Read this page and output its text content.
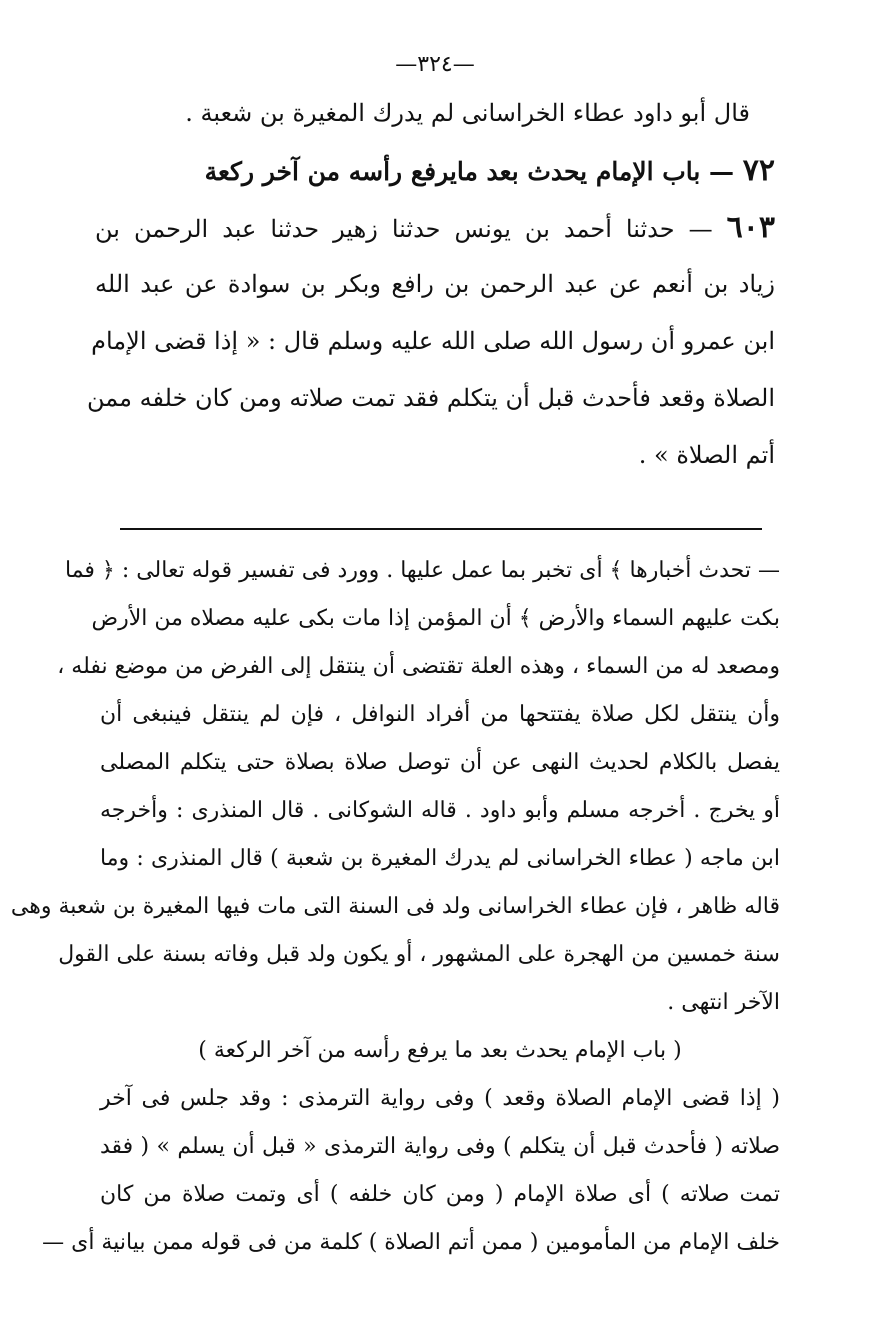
—٣٢٤—
قال أبو داود عطاء الخراسانى لم يدرك المغيرة بن شعبة .
٧٢ — باب الإمام يحدث بعد مايرفع رأسه من آخر ركعة
٦٠٣ — حدثنا أحمد بن يونس حدثنا زهير حدثنا عبد الرحمن بن
زياد بن أنعم عن عبد الرحمن بن رافع وبكر بن سوادة عن عبد الله
ابن عمرو أن رسول الله صلى الله عليه وسلم قال : « إذا قضى الإمام
الصلاة وقعد فأحدث قبل أن يتكلم فقد تمت صلاته ومن كان خلفه ممن
أتم الصلاة » .
— تحدث أخبارها ﴾ أى تخبر بما عمل عليها . وورد فى تفسير قوله تعالى : ﴿ فما
بكت عليهم السماء والأرض ﴾ أن المؤمن إذا مات بكى عليه مصلاه من الأرض
ومصعد له من السماء ، وهذه العلة تقتضى أن ينتقل إلى الفرض من موضع نفله ،
وأن ينتقل لكل صلاة يفتتحها من أفراد النوافل ، فإن لم ينتقل فينبغى أن
يفصل بالكلام لحديث النهى عن أن توصل صلاة بصلاة حتى يتكلم المصلى
أو يخرج . أخرجه مسلم وأبو داود . قاله الشوكانى . قال المنذرى : وأخرجه
ابن ماجه ( عطاء الخراسانى لم يدرك المغيرة بن شعبة ) قال المنذرى : وما
قاله ظاهر ، فإن عطاء الخراسانى ولد فى السنة التى مات فيها المغيرة بن شعبة وهى
سنة خمسين من الهجرة على المشهور ، أو يكون ولد قبل وفاته بسنة على القول
الآخر انتهى .
( باب الإمام يحدث بعد ما يرفع رأسه من آخر الركعة )
( إذا قضى الإمام الصلاة وقعد ) وفى رواية الترمذى : وقد جلس فى آخر
صلاته ( فأحدث قبل أن يتكلم ) وفى رواية الترمذى « قبل أن يسلم » ( فقد
تمت صلاته ) أى صلاة الإمام ( ومن كان خلفه ) أى وتمت صلاة من كان
خلف الإمام من المأمومين ( ممن أتم الصلاة ) كلمة من فى قوله ممن بيانية أى —
